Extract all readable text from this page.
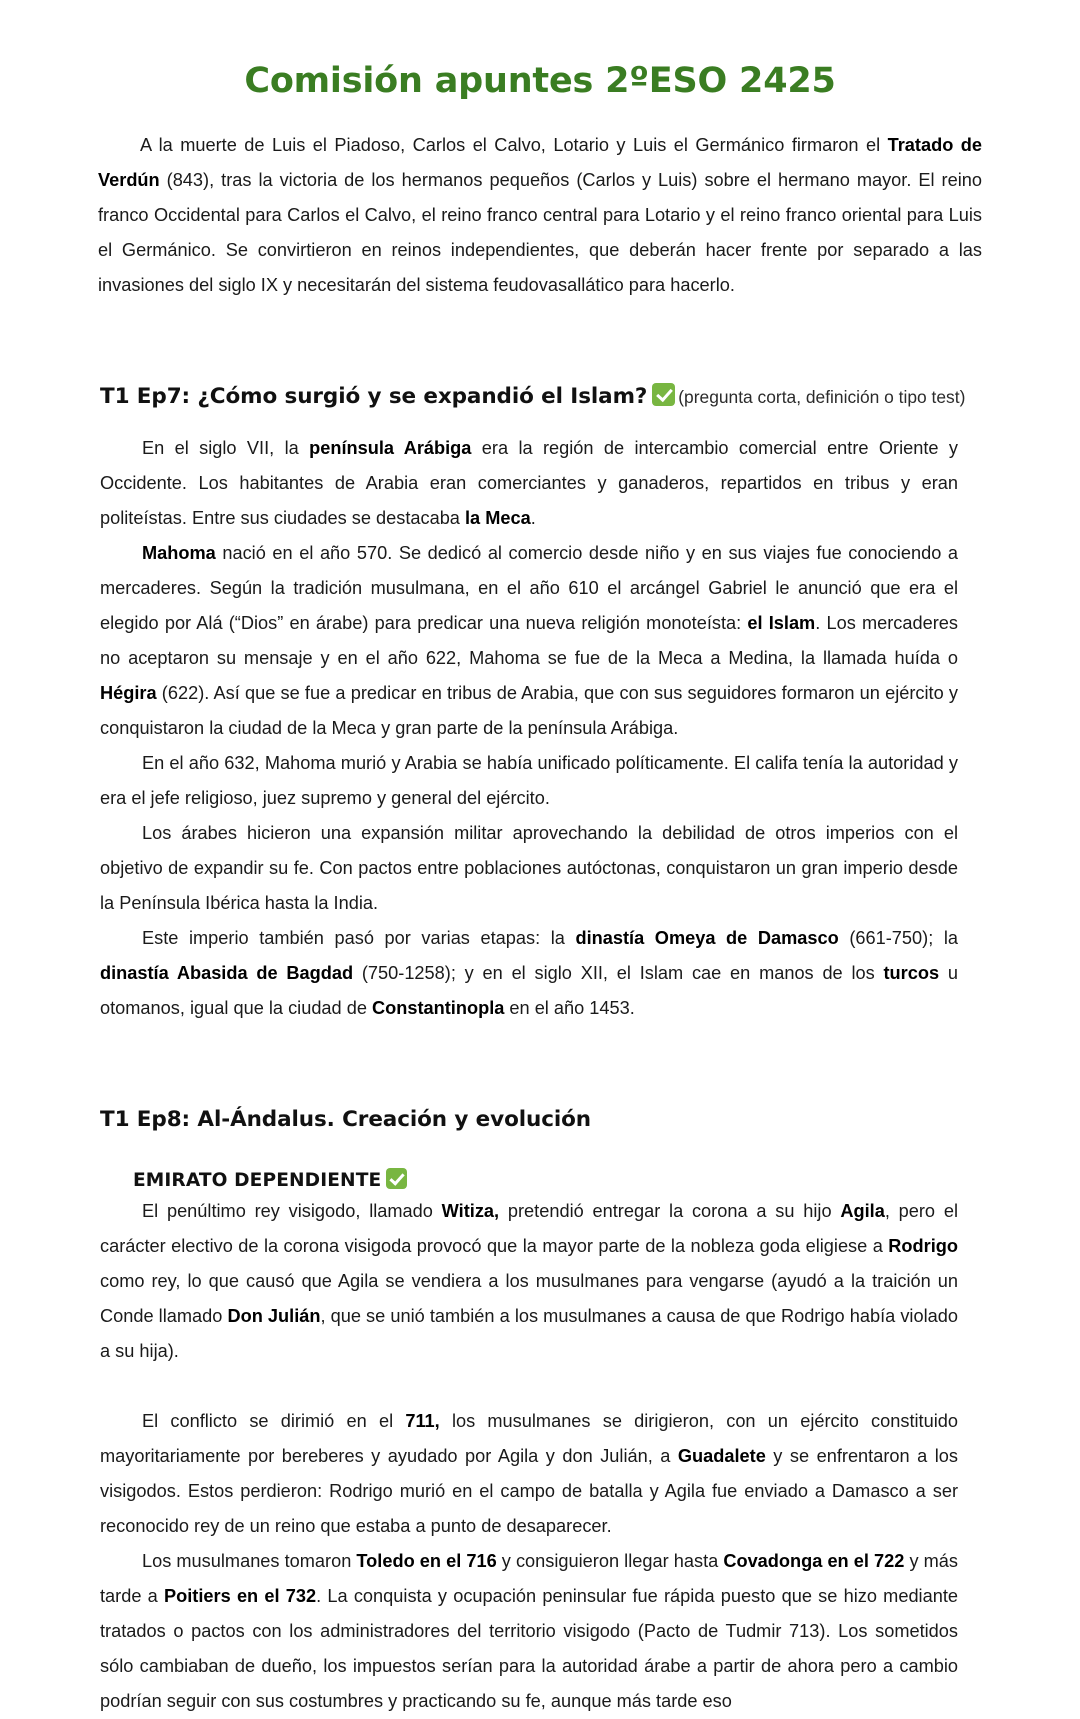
Comisión apuntes 2ºESO 2425

A la muerte de Luis el Piadoso, Carlos el Calvo, Lotario y Luis el Germánico firmaron el Tratado de Verdún (843), tras la victoria de los hermanos pequeños (Carlos y Luis) sobre el hermano mayor. El reino franco Occidental para Carlos el Calvo, el reino franco central para Lotario y el reino franco oriental para Luis el Germánico. Se convirtieron en reinos independientes, que deberán hacer frente por separado a las invasiones del siglo IX y necesitarán del sistema feudovasallático para hacerlo.

T1 Ep7: ¿Cómo surgió y se expandió el Islam? (pregunta corta, definición o tipo test)

En el siglo VII, la península Arábiga era la región de intercambio comercial entre Oriente y Occidente. Los habitantes de Arabia eran comerciantes y ganaderos, repartidos en tribus y eran politeístas. Entre sus ciudades se destacaba la Meca.

Mahoma nació en el año 570. Se dedicó al comercio desde niño y en sus viajes fue conociendo a mercaderes. Según la tradición musulmana, en el año 610 el arcángel Gabriel le anunció que era el elegido por Alá (“Dios” en árabe) para predicar una nueva religión monoteísta: el Islam. Los mercaderes no aceptaron su mensaje y en el año 622, Mahoma se fue de la Meca a Medina, la llamada huída o Hégira (622). Así que se fue a predicar en tribus de Arabia, que con sus seguidores formaron un ejército y conquistaron la ciudad de la Meca y gran parte de la península Arábiga.

En el año 632, Mahoma murió y Arabia se había unificado políticamente. El califa tenía la autoridad y era el jefe religioso, juez supremo y general del ejército.

Los árabes hicieron una expansión militar aprovechando la debilidad de otros imperios con el objetivo de expandir su fe. Con pactos entre poblaciones autóctonas, conquistaron un gran imperio desde la Península Ibérica hasta la India.

Este imperio también pasó por varias etapas: la dinastía Omeya de Damasco (661-750); la dinastía Abasida de Bagdad (750-1258); y en el siglo XII, el Islam cae en manos de los turcos u otomanos, igual que la ciudad de Constantinopla en el año 1453.

T1 Ep8: Al-Ándalus. Creación y evolución
EMIRATO DEPENDIENTE

El penúltimo rey visigodo, llamado Witiza, pretendió entregar la corona a su hijo Agila, pero el carácter electivo de la corona visigoda provocó que la mayor parte de la nobleza goda eligiese a Rodrigo como rey, lo que causó que Agila se vendiera a los musulmanes para vengarse (ayudó a la traición un Conde llamado Don Julián, que se unió también a los musulmanes a causa de que Rodrigo había violado a su hija).

El conflicto se dirimió en el 711, los musulmanes se dirigieron, con un ejército constituido mayoritariamente por bereberes y ayudado por Agila y don Julián, a Guadalete y se enfrentaron a los visigodos. Estos perdieron: Rodrigo murió en el campo de batalla y Agila fue enviado a Damasco a ser reconocido rey de un reino que estaba a punto de desaparecer.

Los musulmanes tomaron Toledo en el 716 y consiguieron llegar hasta Covadonga en el 722 y más tarde a Poitiers en el 732. La conquista y ocupación peninsular fue rápida puesto que se hizo mediante tratados o pactos con los administradores del territorio visigodo (Pacto de Tudmir 713). Los sometidos sólo cambiaban de dueño, los impuestos serían para la autoridad árabe a partir de ahora pero a cambio podrían seguir con sus costumbres y practicando su fe, aunque más tarde eso
